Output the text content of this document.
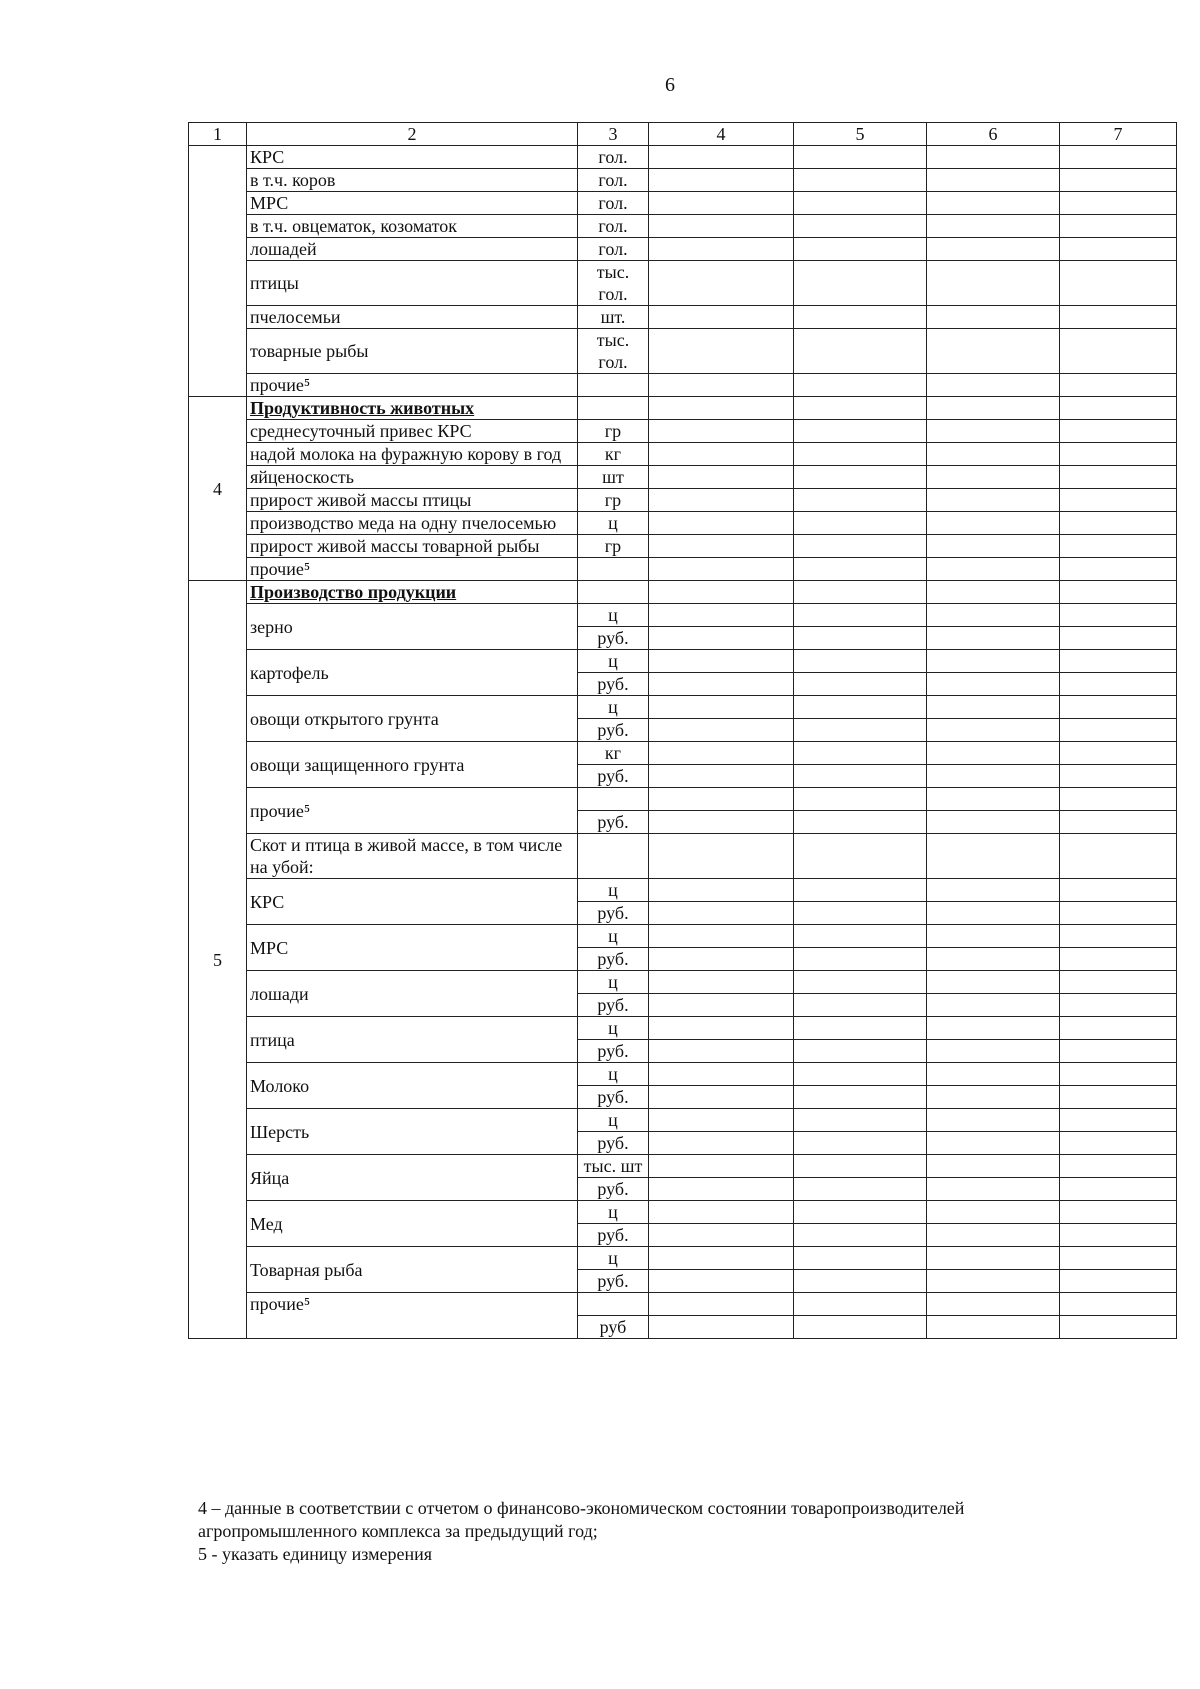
6
1	2	3	4	5	6	7
	КРС	гол.				
	в т.ч. коров	гол.				
	МРС	гол.				
	в т.ч. овцематок, козоматок	гол.				
	лошадей	гол.				
	птицы	тыс. гол.				
	пчелосемьи	шт.				
	товарные рыбы	тыс. гол.				
	прочие⁵					
4	Продуктивность животных					
	среднесуточный привес КРС	гр				
	надой молока на фуражную корову в год	кг				
	яйценоскость	шт				
	прирост живой массы птицы	гр				
	производство меда на одну пчелосемью	ц				
	прирост живой массы товарной рыбы	гр				
	прочие⁵					
5	Производство продукции					
	зерно	ц				
		руб.				
	картофель	ц				
		руб.				
	овощи открытого грунта	ц				
		руб.				
	овощи защищенного грунта	кг				
		руб.				
	прочие⁵					
		руб.				
	Скот и птица в живой массе, в том числе на убой:					
	КРС	ц				
		руб.				
	МРС	ц				
		руб.				
	лошади	ц				
		руб.				
	птица	ц				
		руб.				
	Молоко	ц				
		руб.				
	Шерсть	ц				
		руб.				
	Яйца	тыс. шт				
		руб.				
	Мед	ц				
		руб.				
	Товарная рыба	ц				
		руб.				
	прочие⁵					
		руб				
4 – данные в соответствии с отчетом о финансово-экономическом состоянии товаропроизводителей агропромышленного комплекса за предыдущий год;
5 - указать единицу измерения
